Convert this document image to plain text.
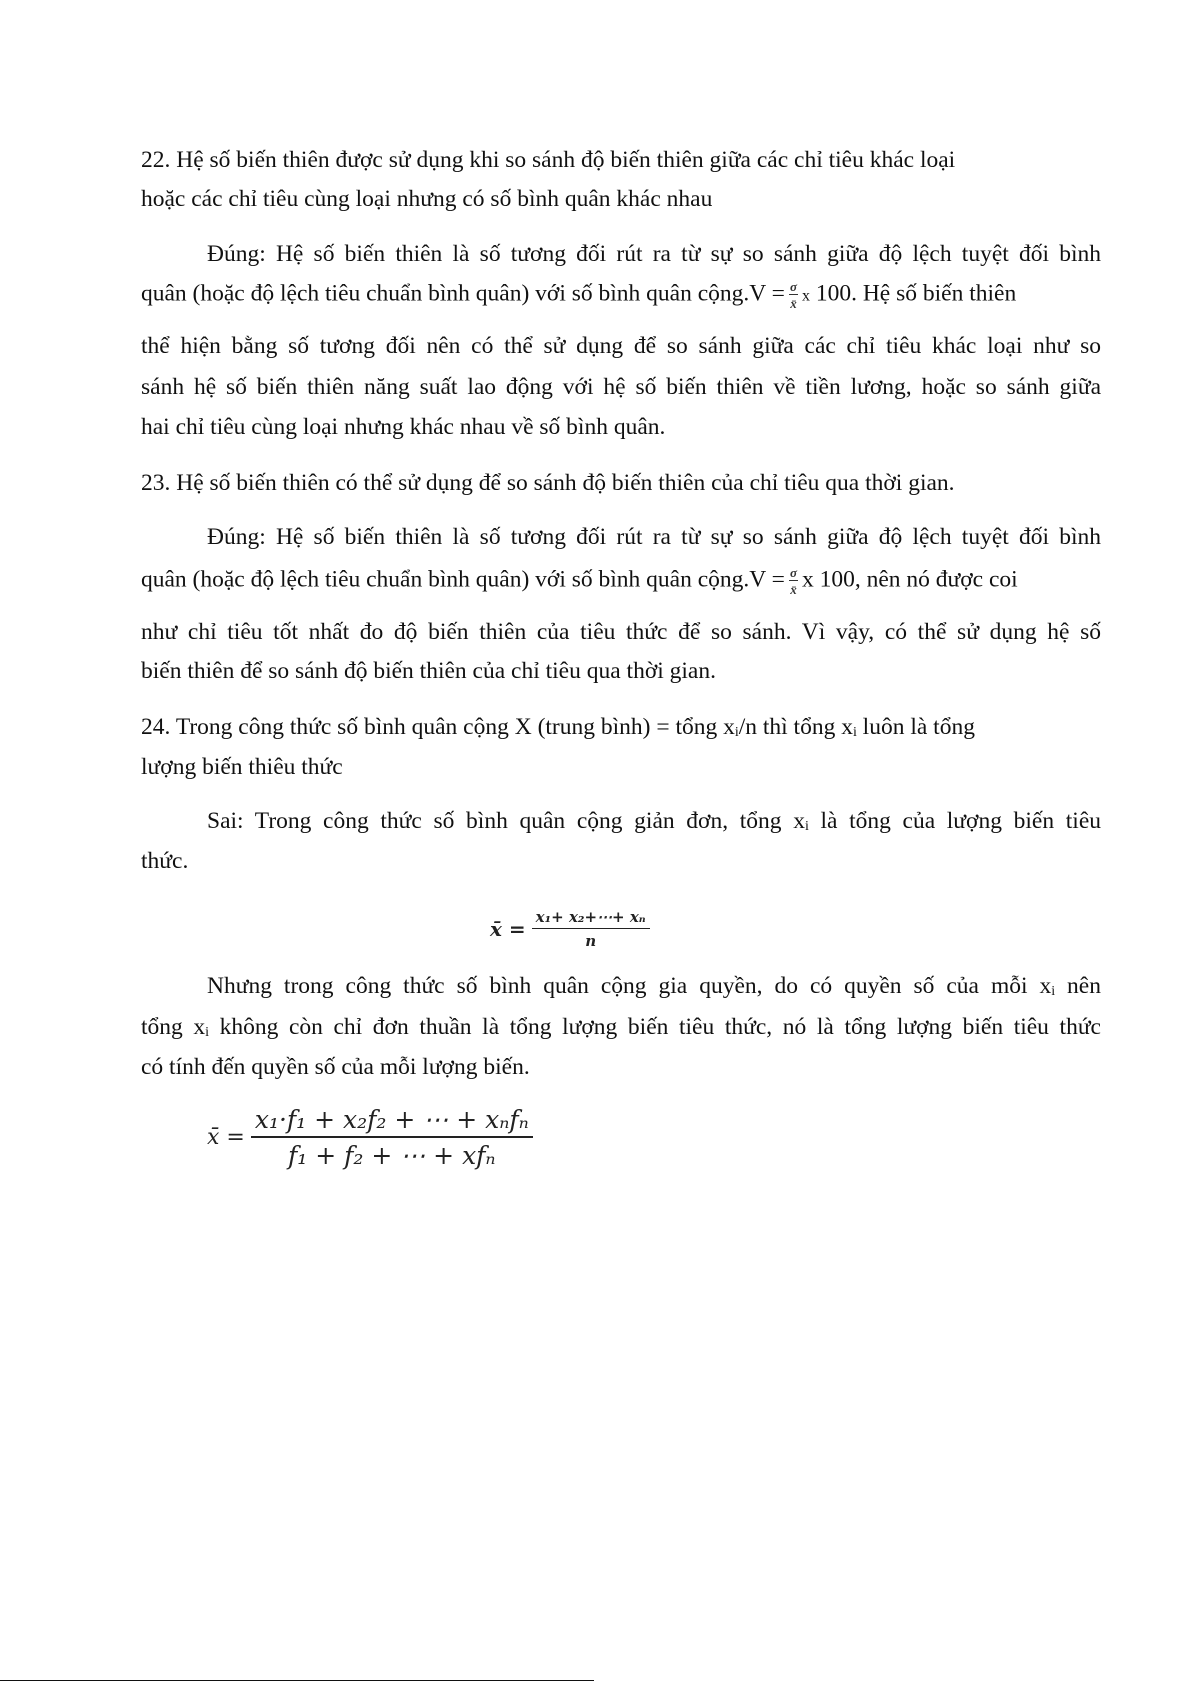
22. Hệ số biến thiên được sử dụng khi so sánh độ biến thiên giữa các chỉ tiêu khác loại

hoặc các chỉ tiêu cùng loại nhưng có số bình quân khác nhau

Đúng: Hệ số biến thiên là số tương đối rút ra từ sự so sánh giữa độ lệch tuyệt đối bình

quân (hoặc độ lệch tiêu chuẩn bình quân) với số bình quân cộng.V = $\frac{\sigma}{x̄}$ x 100. Hệ số biến thiên

thể hiện bằng số tương đối nên có thể sử dụng để so sánh giữa các chỉ tiêu khác loại như so

sánh hệ số biến thiên năng suất lao động với hệ số biến thiên về tiền lương, hoặc so sánh giữa

hai chỉ tiêu cùng loại nhưng khác nhau về số bình quân.

23. Hệ số biến thiên có thể sử dụng để so sánh độ biến thiên của chỉ tiêu qua thời gian.

Đúng: Hệ số biến thiên là số tương đối rút ra từ sự so sánh giữa độ lệch tuyệt đối bình

quân (hoặc độ lệch tiêu chuẩn bình quân) với số bình quân cộng.V = $\frac{\sigma}{x̄}$ x 100, nên nó được coi

như chỉ tiêu tốt nhất đo độ biến thiên của tiêu thức để so sánh. Vì vậy, có thể sử dụng hệ số

biến thiên để so sánh độ biến thiên của chỉ tiêu qua thời gian.

24. Trong công thức số bình quân cộng X (trung bình) = tổng xᵢ/n thì tổng xᵢ luôn là tổng

lượng biến thiêu thức

Sai: Trong công thức số bình quân cộng giản đơn, tổng xᵢ là tổng của lượng biến tiêu

thức.

x̄ = $\frac{\text{x₁+ x₂+⋯+ xₙ}}{n}$

Nhưng trong công thức số bình quân cộng gia quyền, do có quyền số của mỗi xᵢ nên

tổng xᵢ không còn chỉ đơn thuần là tổng lượng biến tiêu thức, nó là tổng lượng biến tiêu thức

có tính đến quyền số của mỗi lượng biến.

x̄ = $\frac{\text{x₁·f₁ + x₂f₂ + ⋯ + xₙfₙ}}{\text{f₁ + f₂ + ⋯ + xfₙ}}$
